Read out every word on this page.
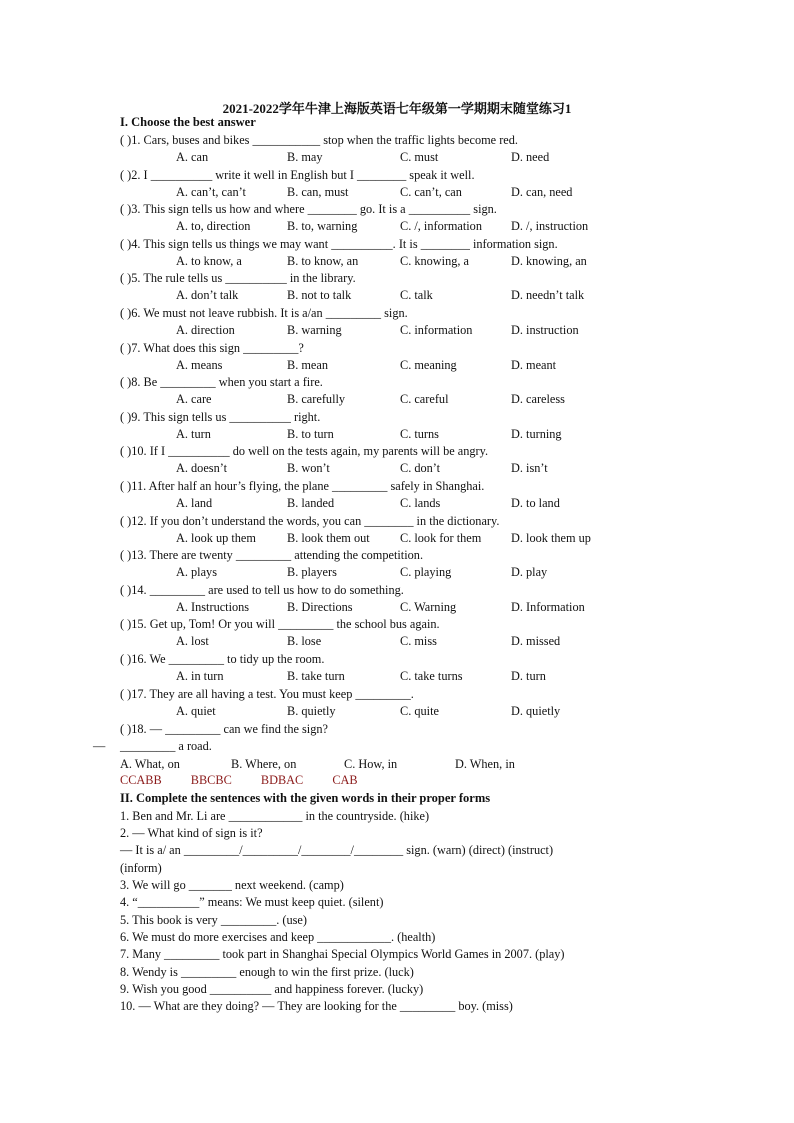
2021-2022学年牛津上海版英语七年级第一学期期末随堂练习1
I. Choose the best answer
( )1. Cars, buses and bikes ___________ stop when the traffic lights become red.
A. can	B. may	C. must	D. need
( )2. I __________ write it well in English but I ________ speak it well.
A. can’t, can’t	B. can, must	C. can’t, can	D. can, need
( )3. This sign tells us how and where ________ go. It is a __________ sign.
A. to, direction	B. to, warning	C. /, information D. /, instruction
( )4. This sign tells us things we may want __________. It is ________ information sign.
A. to know, a	B. to know, an	C. knowing, a	D. knowing, an
( )5. The rule tells us __________ in the library.
A. don’t talk	B. not to talk	C. talk	D. needn’t talk
( )6. We must not leave rubbish. It is a/an _________ sign.
A. direction	B. warning	C. information	D. instruction
( )7. What does this sign _________?
A. means	B. mean	C. meaning	D. meant
( )8. Be _________ when you start a fire.
A. care	B. carefully	C. careful	D. careless
( )9. This sign tells us __________ right.
A. turn	B. to turn	C. turns	D. turning
( )10. If I __________ do well on the tests again, my parents will be angry.
A. doesn’t	B. won’t	C. don’t	D. isn’t
( )11. After half an hour’s flying, the plane _________ safely in Shanghai.
A. land	B. landed	C. lands	D. to land
( )12. If you don’t understand the words, you can ________ in the dictionary.
A. look up them	B. look them out C. look for them D. look them up
( )13. There are twenty _________ attending the competition.
A. plays	B. players	C. playing	D. play
( )14. _________ are used to tell us how to do something.
A. Instructions	B. Directions	C. Warning	D. Information
( )15. Get up, Tom! Or you will _________ the school bus again.
A. lost	B. lose	C. miss	D. missed
( )16. We _________ to tidy up the room.
A. in turn	B. take turn	C. take turns	D. turn
( )17. They are all having a test. You must keep _________.
A. quiet	B. quietly	C. quite	D. quietly
( )18. — _________ can we find the sign?
— _________ a road.
A. What, on	B. Where, on	C. How, in	D. When, in
CCABB BBCBC BDBAC CAB
II. Complete the sentences with the given words in their proper forms
1. Ben and Mr. Li are ____________ in the countryside. (hike)
2. — What kind of sign is it?
— It is a/ an _________/_________/________/________ sign. (warn) (direct) (instruct)
(inform)
3. We will go _______ next weekend. (camp)
4. “__________” means: We must keep quiet. (silent)
5. This book is very _________. (use)
6. We must do more exercises and keep ____________. (health)
7. Many _________ took part in Shanghai Special Olympics World Games in 2007. (play)
8. Wendy is _________ enough to win the first prize. (luck)
9. Wish you good __________ and happiness forever. (lucky)
10. — What are they doing? — They are looking for the _________ boy. (miss)
